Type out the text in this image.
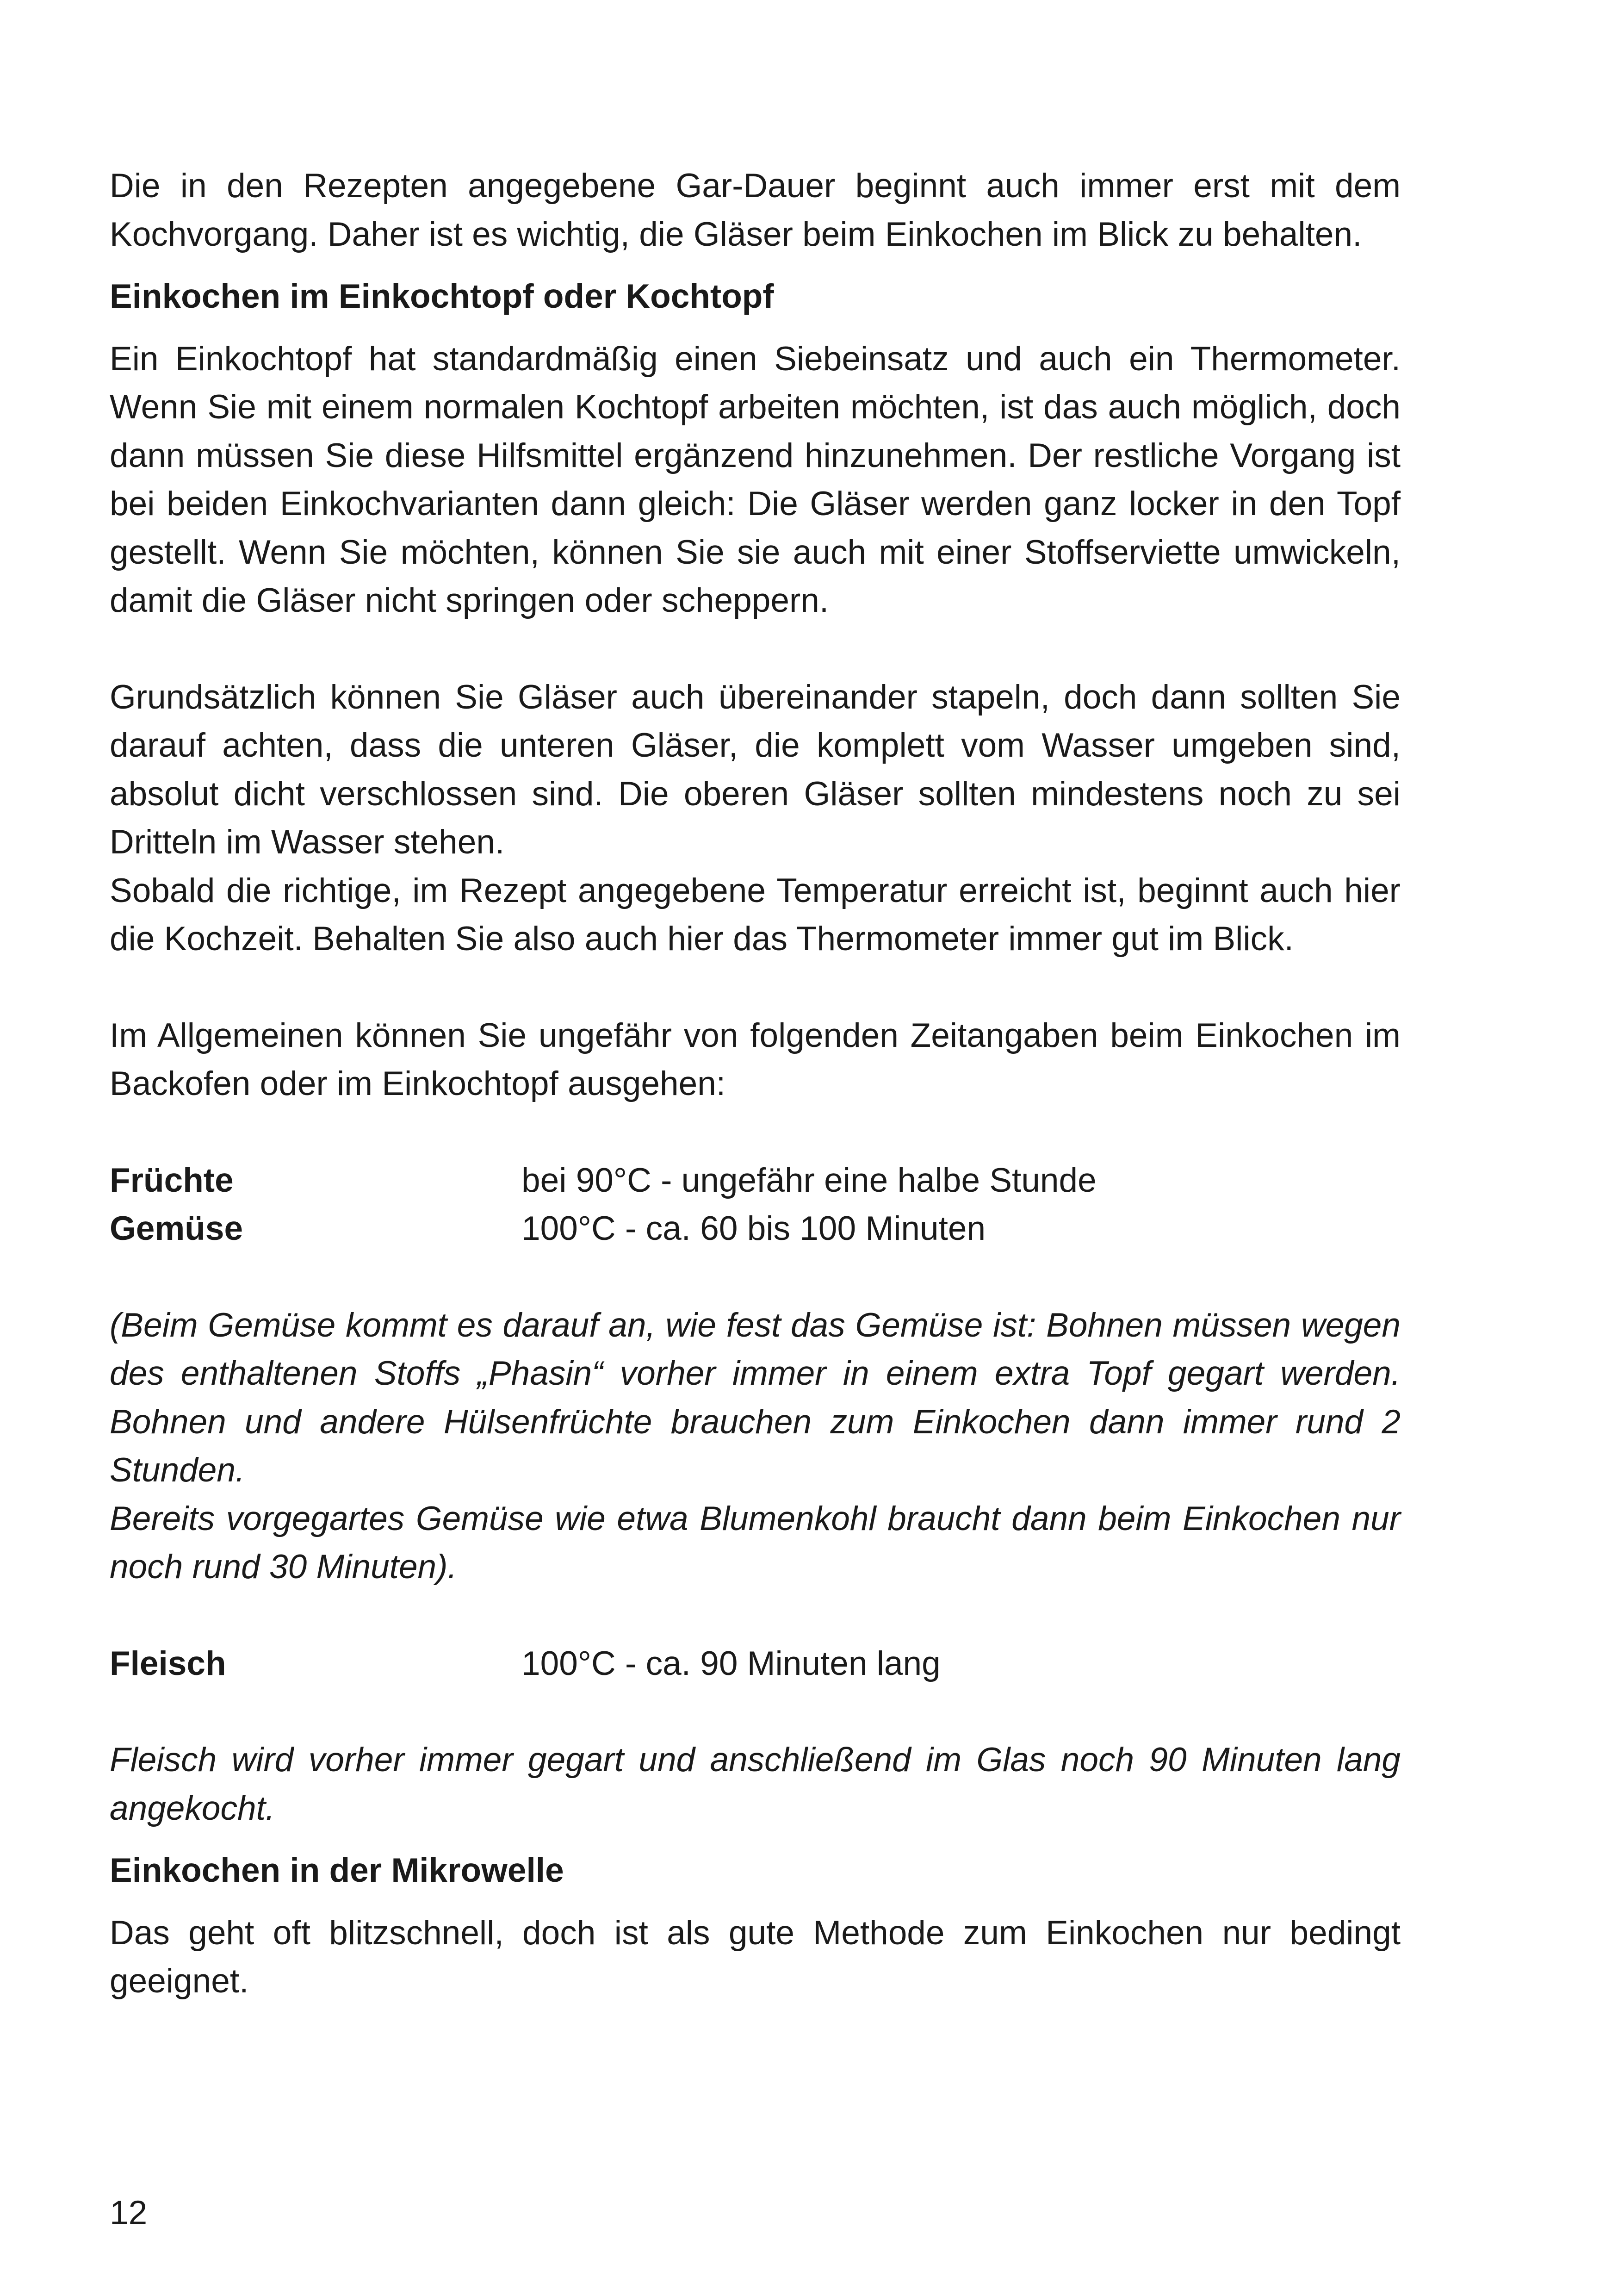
Die in den Rezepten angegebene Gar-Dauer beginnt auch immer erst mit dem Kochvorgang. Daher ist es wichtig, die Gläser beim Einkochen im Blick zu behalten.

Einkochen im Einkochtopf oder Kochtopf

Ein Einkochtopf hat standardmäßig einen Siebeinsatz und auch ein Thermometer. Wenn Sie mit einem normalen Kochtopf arbeiten möchten, ist das auch möglich, doch dann müssen Sie diese Hilfsmittel ergänzend hinzunehmen. Der restliche Vorgang ist bei beiden Einkochvarianten dann gleich: Die Gläser werden ganz locker in den Topf gestellt. Wenn Sie möchten, können Sie sie auch mit einer Stoffserviette umwickeln, damit die Gläser nicht springen oder scheppern.

Grundsätzlich können Sie Gläser auch übereinander stapeln, doch dann sollten Sie darauf achten, dass die unteren Gläser, die komplett vom Wasser umgeben sind, absolut dicht verschlossen sind. Die oberen Gläser sollten mindestens noch zu sei Dritteln im Wasser stehen.

Sobald die richtige, im Rezept angegebene Temperatur erreicht ist, beginnt auch hier die Kochzeit. Behalten Sie also auch hier das Thermometer immer gut im Blick.

Im Allgemeinen können Sie ungefähr von folgenden Zeitangaben beim Einkochen im Backofen oder im Einkochtopf ausgehen:

Früchte	bei 90°C - ungefähr eine halbe Stunde
Gemüse	100°C - ca. 60 bis 100 Minuten

(Beim Gemüse kommt es darauf an, wie fest das Gemüse ist: Bohnen müssen wegen des enthaltenen Stoffs „Phasin“ vorher immer in einem extra Topf gegart werden. Bohnen und andere Hülsenfrüchte brauchen zum Einkochen dann immer rund 2 Stunden.

Bereits vorgegartes Gemüse wie etwa Blumenkohl braucht dann beim Einkochen nur noch rund 30 Minuten).

Fleisch	100°C - ca. 90 Minuten lang

Fleisch wird vorher immer gegart und anschließend im Glas noch 90 Minuten lang angekocht.

Einkochen in der Mikrowelle

Das geht oft blitzschnell, doch ist als gute Methode zum Einkochen nur bedingt geeignet.

12
